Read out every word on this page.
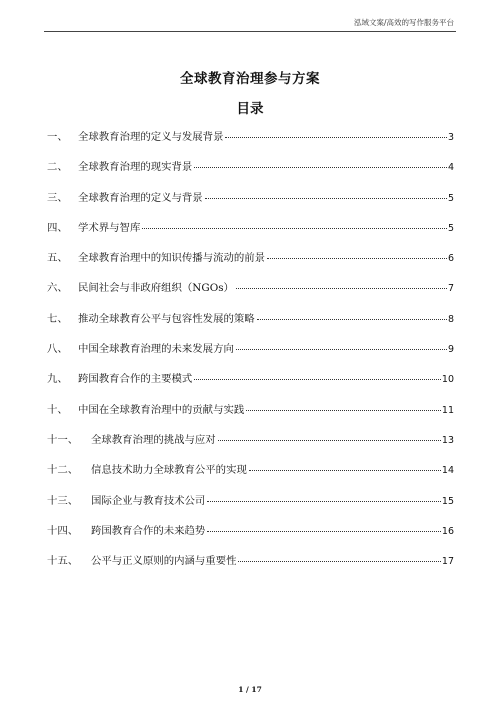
泓域文案/高效的写作服务平台
全球教育治理参与方案
目录
一、 全球教育治理的定义与发展背景	3
二、 全球教育治理的现实背景	4
三、 全球教育治理的定义与背景	5
四、 学术界与智库	5
五、 全球教育治理中的知识传播与流动的前景	6
六、 民间社会与非政府组织（NGOs）	7
七、 推动全球教育公平与包容性发展的策略	8
八、 中国全球教育治理的未来发展方向	9
九、 跨国教育合作的主要模式	10
十、 中国在全球教育治理中的贡献与实践	11
十一、	全球教育治理的挑战与应对	13
十二、	信息技术助力全球教育公平的实现	14
十三、	国际企业与教育技术公司	15
十四、	跨国教育合作的未来趋势	16
十五、	公平与正义原则的内涵与重要性	17
1 / 17
